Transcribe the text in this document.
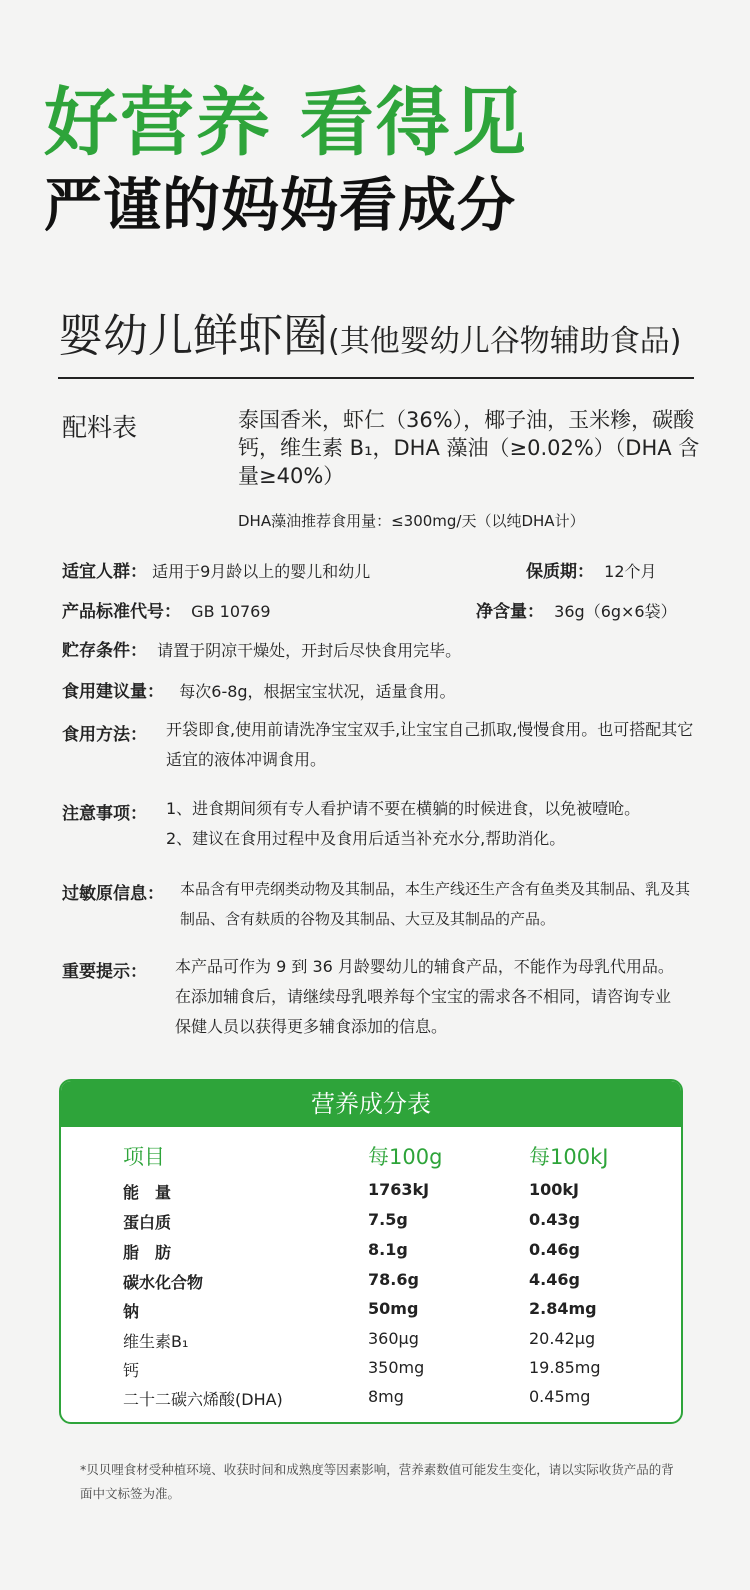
好营养 看得见
严谨的妈妈看成分
婴幼儿鲜虾圈(其他婴幼儿谷物辅助食品)
配料表	泰国香米，虾仁（36%），椰子油，玉米糁，碳酸钙，维生素 B₁，DHA 藻油（≥0.02%）（DHA 含量≥40%）
DHA藻油推荐食用量：≤300mg/天（以纯DHA计）
适宜人群： 适用于9月龄以上的婴儿和幼儿	保质期： 12个月
产品标准代号： GB 10769	净含量： 36g（6g×6袋）
贮存条件： 请置于阴凉干燥处，开封后尽快食用完毕。
食用建议量： 每次6-8g，根据宝宝状况，适量食用。
食用方法： 开袋即食,使用前请洗净宝宝双手,让宝宝自己抓取,慢慢食用。也可搭配其它适宜的液体冲调食用。
注意事项： 1、进食期间须有专人看护请不要在横躺的时候进食，以免被噎呛。
2、建议在食用过程中及食用后适当补充水分,帮助消化。
过敏原信息： 本品含有甲壳纲类动物及其制品，本生产线还生产含有鱼类及其制品、乳及其制品、含有麸质的谷物及其制品、大豆及其制品的产品。
重要提示： 本产品可作为 9 到 36 月龄婴幼儿的辅食产品，不能作为母乳代用品。在添加辅食后，请继续母乳喂养每个宝宝的需求各不相同，请咨询专业保健人员以获得更多辅食添加的信息。
营养成分表
项目	每100g	每100kJ
能　量	1763kJ	100kJ
蛋白质	7.5g	0.43g
脂　肪	8.1g	0.46g
碳水化合物	78.6g	4.46g
钠	50mg	2.84mg
维生素B₁	360μg	20.42μg
钙	350mg	19.85mg
二十二碳六烯酸(DHA)	8mg	0.45mg
*贝贝哩食材受种植环境、收获时间和成熟度等因素影响，营养素数值可能发生变化，请以实际收货产品的背面中文标签为准。
